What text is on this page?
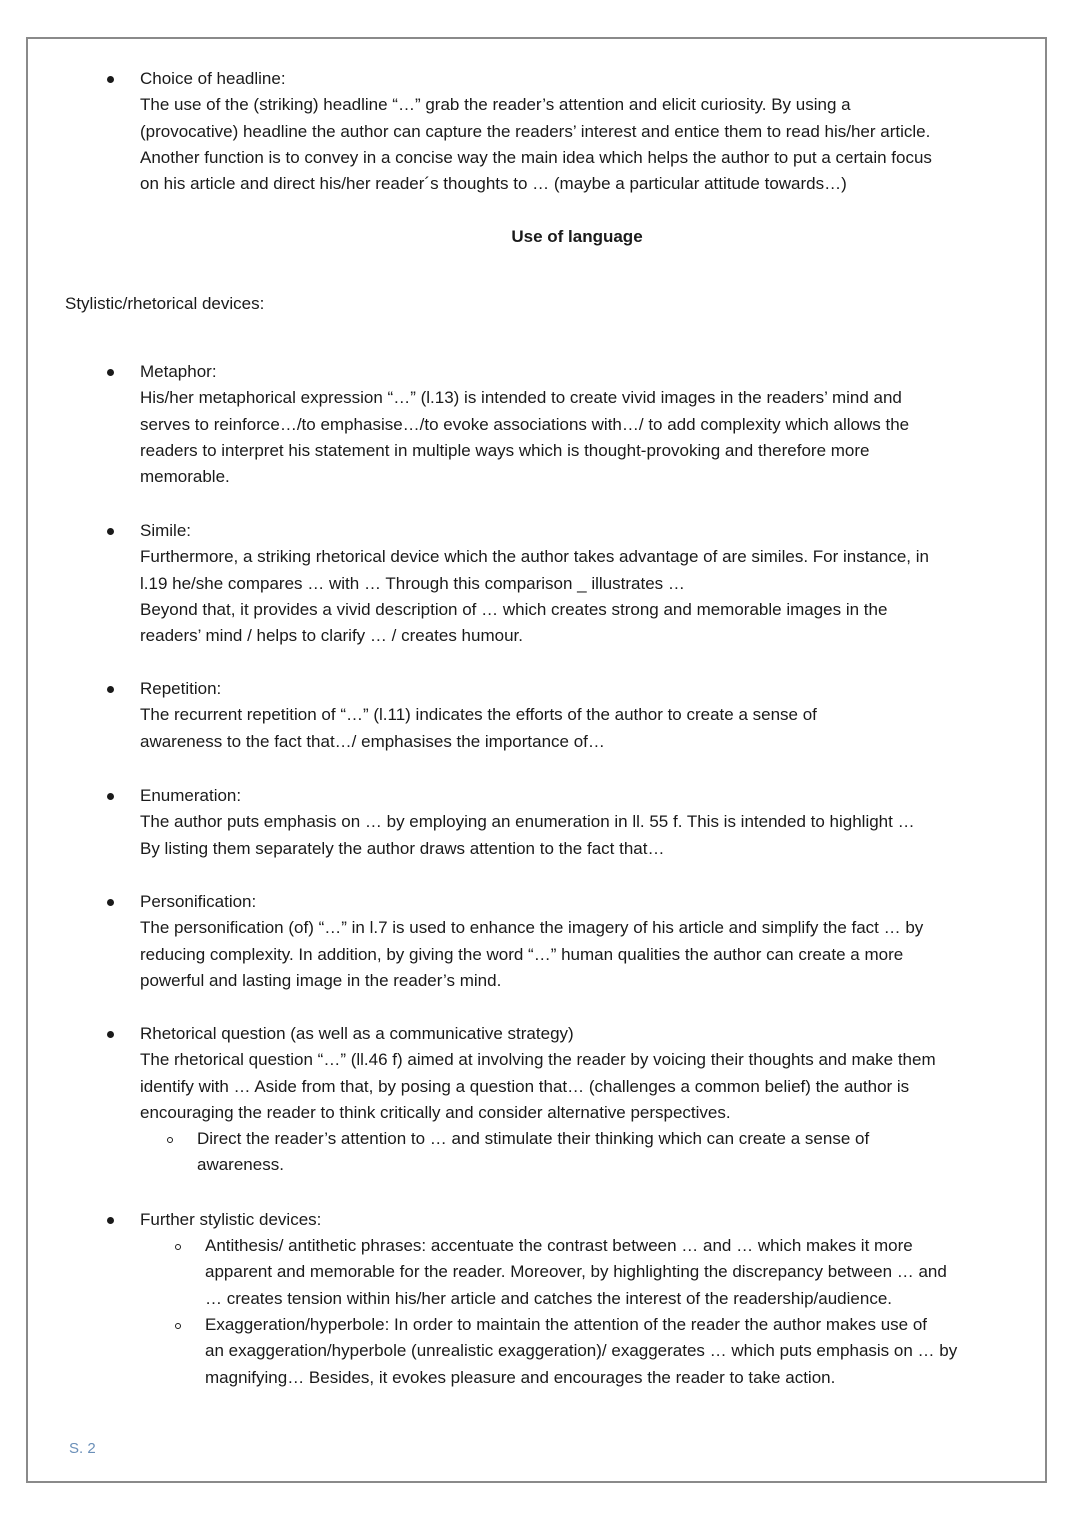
Choice of headline:
The use of the (striking) headline “…” grab the reader’s attention and elicit curiosity. By using a
(provocative) headline the author can capture the readers’ interest and entice them to read his/her article.
Another function is to convey in a concise way the main idea which helps the author to put a certain focus
on his article and direct his/her reader´s thoughts to … (maybe a particular attitude towards…)
Use of language
Stylistic/rhetorical devices:
Metaphor:
His/her metaphorical expression “…” (l.13) is intended to create vivid images in the readers’ mind and
serves to reinforce…/to emphasise…/to evoke associations with…/ to add complexity which allows the
readers to interpret his statement in multiple ways which is thought-provoking and therefore more
memorable.
Simile:
Furthermore, a striking rhetorical device which the author takes advantage of are similes. For instance, in
l.19 he/she compares … with … Through this comparison _ illustrates …
Beyond that, it provides a vivid description of … which creates strong and memorable images in the
readers’ mind / helps to clarify … / creates humour.
Repetition:
The recurrent repetition of “…” (l.11) indicates the efforts of the author to create a sense of
awareness to the fact that…/ emphasises the importance of…
Enumeration:
The author puts emphasis on … by employing an enumeration in ll. 55 f. This is intended to highlight …
By listing them separately the author draws attention to the fact that…
Personification:
The personification (of) “…” in l.7 is used to enhance the imagery of his article and simplify the fact … by
reducing complexity. In addition, by giving the word “…” human qualities the author can create a more
powerful and lasting image in the reader’s mind.
Rhetorical question (as well as a communicative strategy)
The rhetorical question “…” (ll.46 f) aimed at involving the reader by voicing their thoughts and make them
identify with … Aside from that, by posing a question that… (challenges a common belief) the author is
encouraging the reader to think critically and consider alternative perspectives.
Direct the reader’s attention to … and stimulate their thinking which can create a sense of
awareness.
Further stylistic devices:
Antithesis/ antithetic phrases: accentuate the contrast between … and … which makes it more
apparent and memorable for the reader. Moreover, by highlighting the discrepancy between … and
… creates tension within his/her article and catches the interest of the readership/audience.
Exaggeration/hyperbole: In order to maintain the attention of the reader the author makes use of
an exaggeration/hyperbole (unrealistic exaggeration)/ exaggerates … which puts emphasis on … by
magnifying… Besides, it evokes pleasure and encourages the reader to take action.
S. 2
